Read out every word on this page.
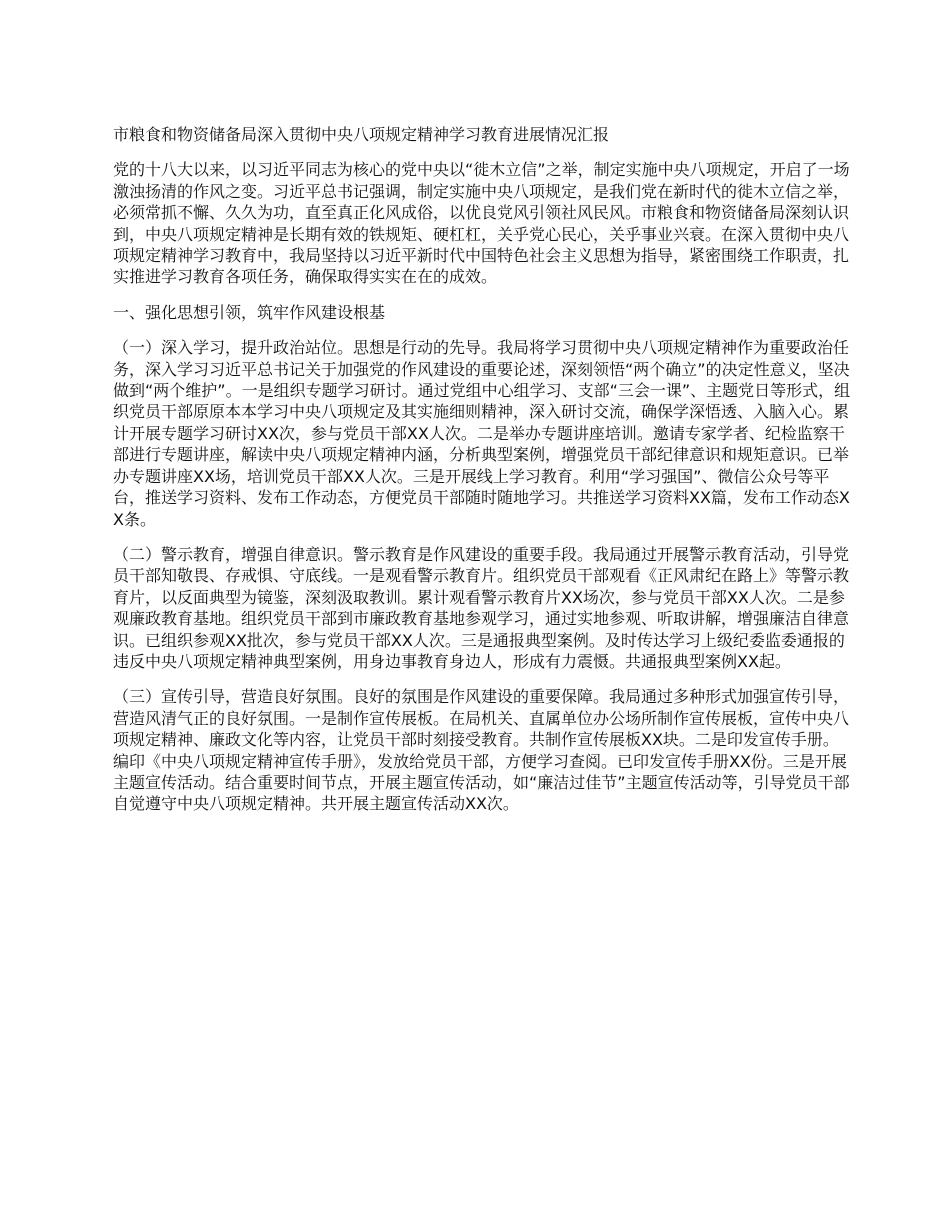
市粮食和物资储备局深入贯彻中央八项规定精神学习教育进展情况汇报

党的十八大以来，以习近平同志为核心的党中央以“徙木立信”之举，制定实施中央八项规定，开启了一场激浊扬清的作风之变。习近平总书记强调，制定实施中央八项规定，是我们党在新时代的徙木立信之举，必须常抓不懈、久久为功，直至真正化风成俗，以优良党风引领社风民风。市粮食和物资储备局深刻认识到，中央八项规定精神是长期有效的铁规矩、硬杠杠，关乎党心民心，关乎事业兴衰。在深入贯彻中央八项规定精神学习教育中，我局坚持以习近平新时代中国特色社会主义思想为指导，紧密围绕工作职责，扎实推进学习教育各项任务，确保取得实实在在的成效。

一、强化思想引领，筑牢作风建设根基

（一）深入学习，提升政治站位。思想是行动的先导。我局将学习贯彻中央八项规定精神作为重要政治任务，深入学习习近平总书记关于加强党的作风建设的重要论述，深刻领悟“两个确立”的决定性意义，坚决做到“两个维护”。一是组织专题学习研讨。通过党组中心组学习、支部“三会一课”、主题党日等形式，组织党员干部原原本本学习中央八项规定及其实施细则精神，深入研讨交流，确保学深悟透、入脑入心。累计开展专题学习研讨XX次，参与党员干部XX人次。二是举办专题讲座培训。邀请专家学者、纪检监察干部进行专题讲座，解读中央八项规定精神内涵，分析典型案例，增强党员干部纪律意识和规矩意识。已举办专题讲座XX场，培训党员干部XX人次。三是开展线上学习教育。利用“学习强国”、微信公众号等平台，推送学习资料、发布工作动态，方便党员干部随时随地学习。共推送学习资料XX篇，发布工作动态XX条。

（二）警示教育，增强自律意识。警示教育是作风建设的重要手段。我局通过开展警示教育活动，引导党员干部知敬畏、存戒惧、守底线。一是观看警示教育片。组织党员干部观看《正风肃纪在路上》等警示教育片，以反面典型为镜鉴，深刻汲取教训。累计观看警示教育片XX场次，参与党员干部XX人次。二是参观廉政教育基地。组织党员干部到市廉政教育基地参观学习，通过实地参观、听取讲解，增强廉洁自律意识。已组织参观XX批次，参与党员干部XX人次。三是通报典型案例。及时传达学习上级纪委监委通报的违反中央八项规定精神典型案例，用身边事教育身边人，形成有力震慑。共通报典型案例XX起。

（三）宣传引导，营造良好氛围。良好的氛围是作风建设的重要保障。我局通过多种形式加强宣传引导，营造风清气正的良好氛围。一是制作宣传展板。在局机关、直属单位办公场所制作宣传展板，宣传中央八项规定精神、廉政文化等内容，让党员干部时刻接受教育。共制作宣传展板XX块。二是印发宣传手册。编印《中央八项规定精神宣传手册》，发放给党员干部，方便学习查阅。已印发宣传手册XX份。三是开展主题宣传活动。结合重要时间节点，开展主题宣传活动，如“廉洁过佳节”主题宣传活动等，引导党员干部自觉遵守中央八项规定精神。共开展主题宣传活动XX次。
